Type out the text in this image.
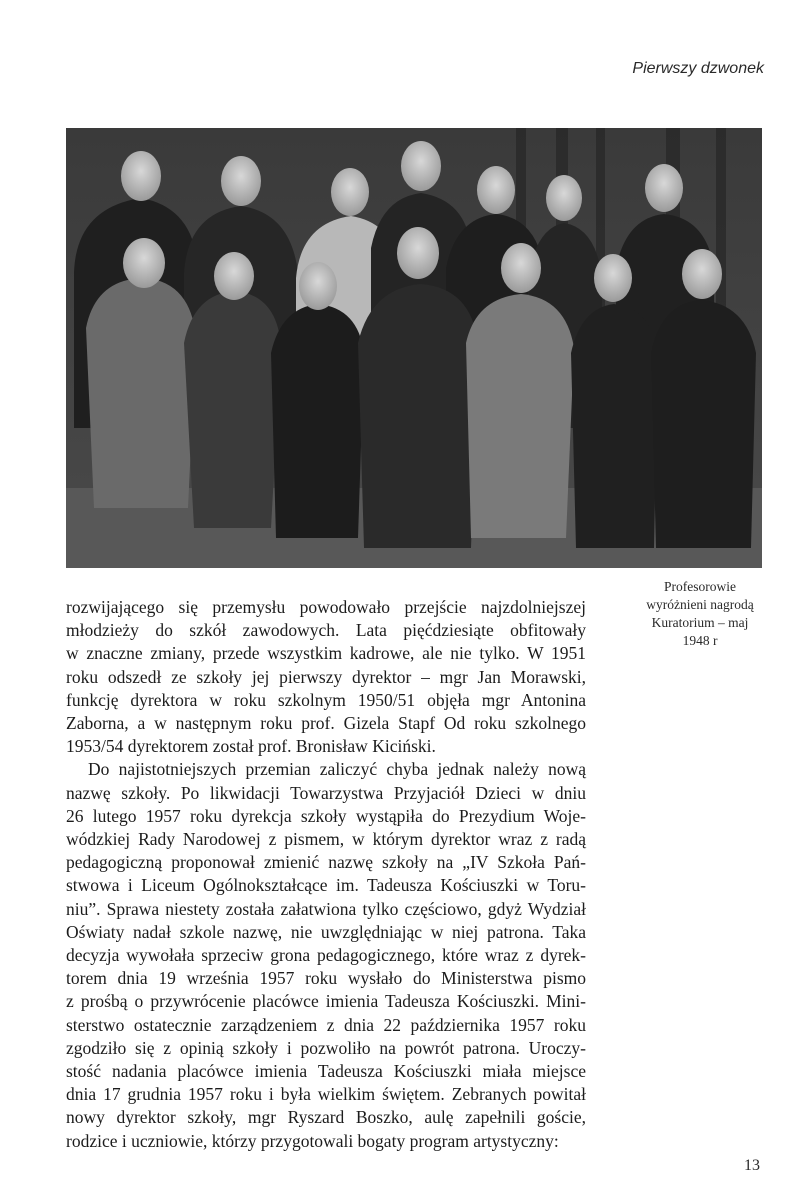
Pierwszy dzwonek
Profesorowie
wyróżnieni nagrodą
Kuratorium – maj
1948 r
rozwijającego się przemysłu powodowało przejście najzdolniejszej
młodzieży do szkół zawodowych. Lata pięćdziesiąte obfitowały
w znaczne zmiany, przede wszystkim kadrowe, ale nie tylko. W 1951
roku odszedł ze szkoły jej pierwszy dyrektor – mgr Jan Morawski,
funkcję dyrektora w roku szkolnym 1950/51 objęła mgr Antonina
Zaborna, a w następnym roku prof. Gizela Stapf Od roku szkolnego
1953/54 dyrektorem został prof. Bronisław Kiciński.
Do najistotniejszych przemian zaliczyć chyba jednak należy nową
nazwę szkoły. Po likwidacji Towarzystwa Przyjaciół Dzieci w dniu
26 lutego 1957 roku dyrekcja szkoły wystąpiła do Prezydium Woje-
wódzkiej Rady Narodowej z pismem, w którym dyrektor wraz z radą
pedagogiczną proponował zmienić nazwę szkoły na „IV Szkoła Pań-
stwowa i Liceum Ogólnokształcące im. Tadeusza Kościuszki w Toru-
niu”. Sprawa niestety została załatwiona tylko częściowo, gdyż Wydział
Oświaty nadał szkole nazwę, nie uwzględniając w niej patrona. Taka
decyzja wywołała sprzeciw grona pedagogicznego, które wraz z dyrek-
torem dnia 19 września 1957 roku wysłało do Ministerstwa pismo
z prośbą o przywrócenie placówce imienia Tadeusza Kościuszki. Mini-
sterstwo ostatecznie zarządzeniem z dnia 22 października 1957 roku
zgodziło się z opinią szkoły i pozwoliło na powrót patrona. Uroczy-
stość nadania placówce imienia Tadeusza Kościuszki miała miejsce
dnia 17 grudnia 1957 roku i była wielkim świętem. Zebranych powitał
nowy dyrektor szkoły, mgr Ryszard Boszko, aulę zapełnili goście,
rodzice i uczniowie, którzy przygotowali bogaty program artystyczny:
13
